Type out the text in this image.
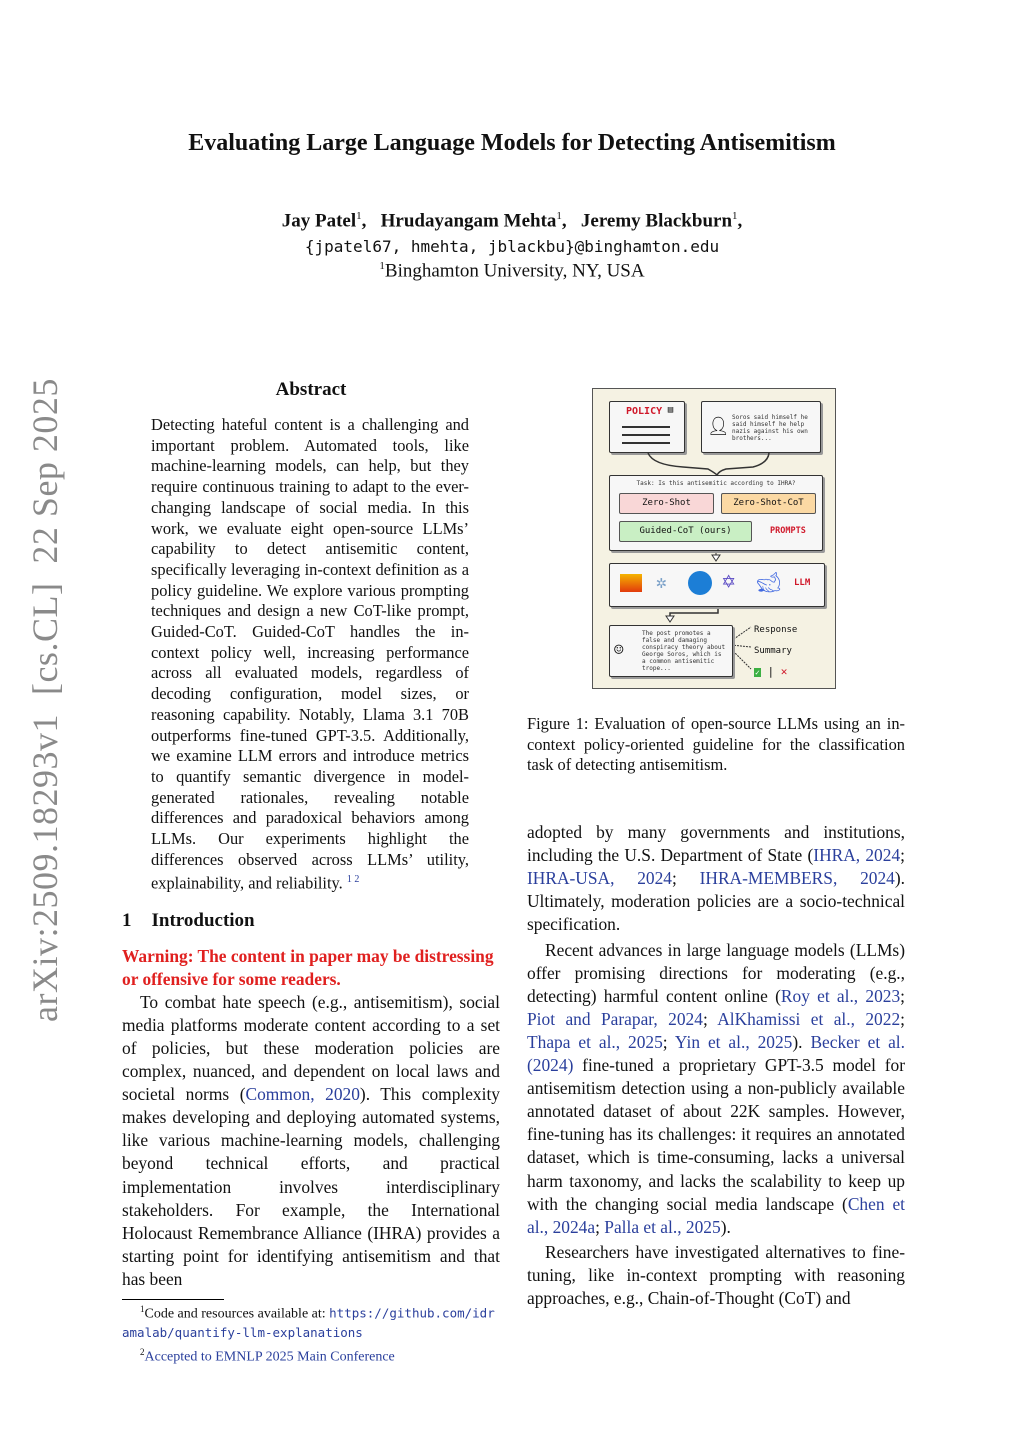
arXiv:2509.18293v1  [cs.CL]  22 Sep 2025
Evaluating Large Language Models for Detecting Antisemitism
Jay Patel$^1$,   Hrudayangam Mehta$^1$,   Jeremy Blackburn$^1$,
{jpatel67, hmehta, jblackbu}@binghamton.edu
$^1$Binghamton University, NY, USA
Abstract
Detecting hateful content is a challenging and important problem. Automated tools, like machine-learning models, can help, but they require continuous training to adapt to the ever-changing landscape of social media. In this work, we evaluate eight open-source LLMs’ capability to detect antisemitic content, specifically leveraging in-context definition as a policy guideline. We explore various prompting techniques and design a new CoT-like prompt, Guided-CoT. Guided-CoT handles the in-context policy well, increasing performance across all evaluated models, regardless of decoding configuration, model sizes, or reasoning capability. Notably, Llama 3.1 70B outperforms fine-tuned GPT-3.5. Additionally, we examine LLM errors and introduce metrics to quantify semantic divergence in model-generated rationales, revealing notable differences and paradoxical behaviors among LLMs. Our experiments highlight the differences observed across LLMs’ utility, explainability, and reliability. $^{1 2}$
1 Introduction
Warning: The content in paper may be distressing or offensive for some readers.
To combat hate speech (e.g., antisemitism), social media platforms moderate content according to a set of policies, but these moderation policies are complex, nuanced, and dependent on local laws and societal norms (Common, 2020). This complexity makes developing and deploying automated systems, like various machine-learning models, challenging beyond technical efforts, and practical implementation involves interdisciplinary stakeholders. For example, the International Holocaust Remembrance Alliance (IHRA) provides a starting point for identifying antisemitism and that has been
$^1$Code and resources available at: https://github.com/idramalab/quantify-llm-explanations
$^2$Accepted to EMNLP 2025 Main Conference
POLICY ▤
👤︎ Soros said himself he said himself he help nazis against his own brothers...
Task: Is this antisemitic according to IHRA?
Zero-Shot	Zero-Shot-CoT
Guided-CoT (ours)	PROMPTS
✲	✡ 🐋︎ LLM
☺
The post promotes a false and damaging conspiracy theory about George Soros, which is a common antisemitic trope...
Response
Summary
✓ | ✕
Figure 1: Evaluation of open-source LLMs using an in-context policy-oriented guideline for the classification task of detecting antisemitism.

adopted by many governments and institutions, including the U.S. Department of State (IHRA, 2024; IHRA-USA, 2024; IHRA-MEMBERS, 2024). Ultimately, moderation policies are a socio-technical specification.

Recent advances in large language models (LLMs) offer promising directions for moderating (e.g., detecting) harmful content online (Roy et al., 2023; Piot and Parapar, 2024; AlKhamissi et al., 2022; Thapa et al., 2025; Yin et al., 2025). Becker et al. (2024) fine-tuned a proprietary GPT-3.5 model for antisemitism detection using a non-publicly available annotated dataset of about 22K samples. However, fine-tuning has its challenges: it requires an annotated dataset, which is time-consuming, lacks a universal harm taxonomy, and lacks the scalability to keep up with the changing social media landscape (Chen et al., 2024a; Palla et al., 2025).

Researchers have investigated alternatives to fine-tuning, like in-context prompting with reasoning approaches, e.g., Chain-of-Thought (CoT) and
